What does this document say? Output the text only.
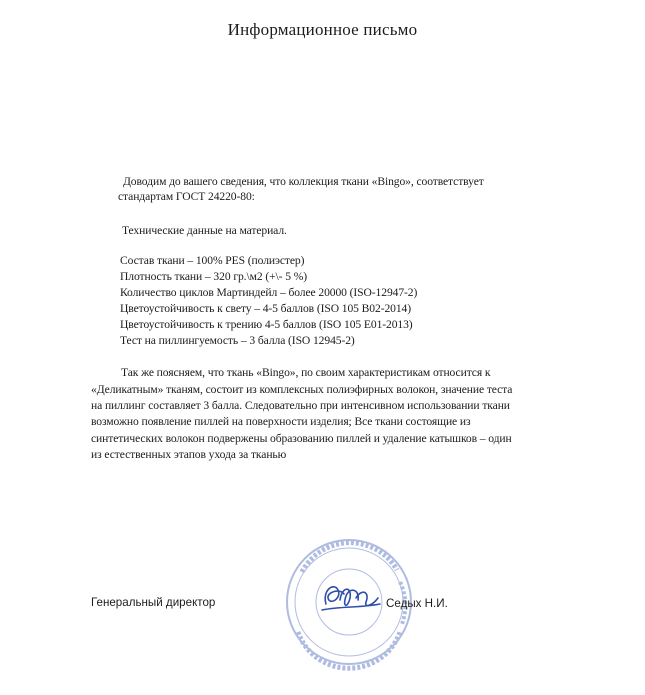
Информационное письмо
Доводим до вашего сведения, что коллекция ткани «Bingo», соответствует
стандартам ГОСТ 24220-80:
Технические данные на материал.
Состав ткани – 100% PES (полиэстер)
Плотность ткани – 320 гр.\м2 (+\- 5 %)
Количество циклов Мартиндейл – более 20000 (ISO-12947-2)
Цветоустойчивость к свету – 4-5 баллов (ISO 105 B02-2014)
Цветоустойчивость к трению 4-5 баллов (ISO 105 E01-2013)
Тест на пиллингуемость – 3 балла (ISO 12945-2)
Так же поясняем, что ткань «Bingo», по своим характеристикам относится к
«Деликатным» тканям, состоит из комплексных полиэфирных волокон, значение теста
на пиллинг составляет 3 балла. Следовательно при интенсивном использовании ткани
возможно появление пиллей на поверхности изделия; Все ткани состоящие из
синтетических волокон подвержены образованию пиллей и удаление катышков – один
из естественных этапов ухода за тканью
Генеральный директор	Седых Н.И.
